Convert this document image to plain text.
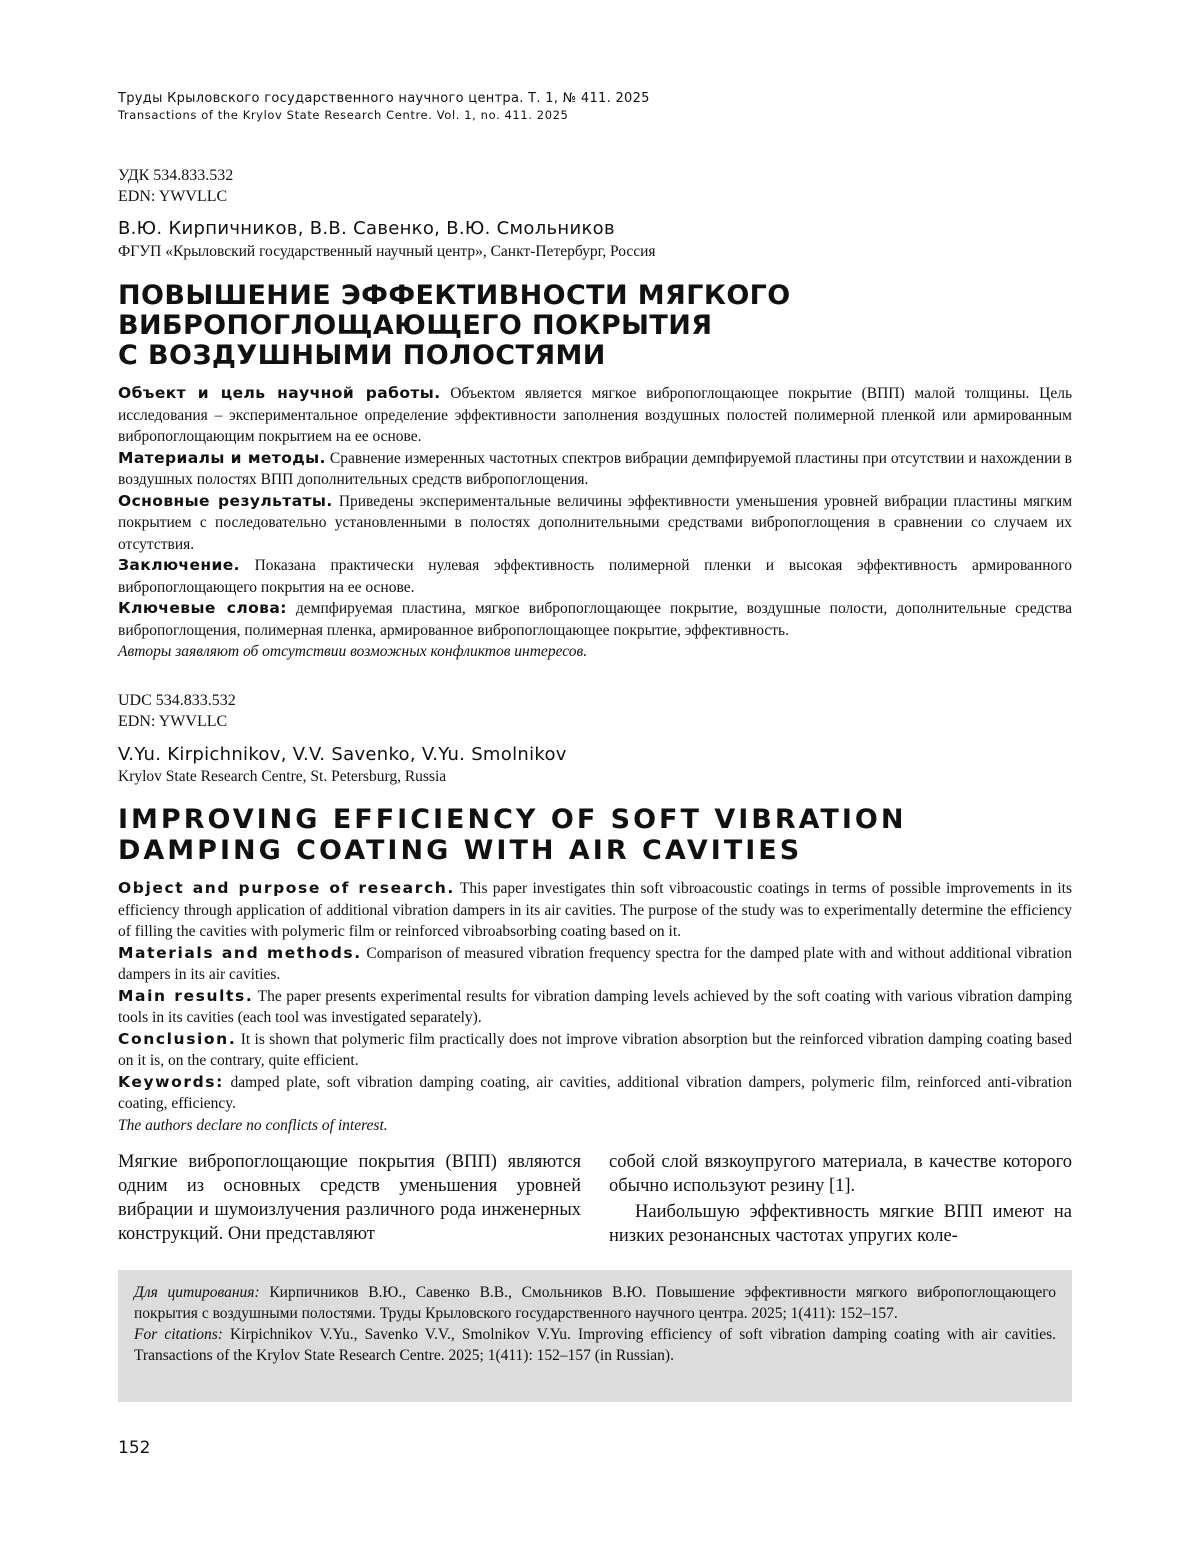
Труды Крыловского государственного научного центра. Т. 1, № 411. 2025
Transactions of the Krylov State Research Centre. Vol. 1, no. 411. 2025
УДК 534.833.532
EDN: YWVLLC
В.Ю. Кирпичников, В.В. Савенко, В.Ю. Смольников
ФГУП «Крыловский государственный научный центр», Санкт-Петербург, Россия
ПОВЫШЕНИЕ ЭФФЕКТИВНОСТИ МЯГКОГО
ВИБРОПОГЛОЩАЮЩЕГО ПОКРЫТИЯ
С ВОЗДУШНЫМИ ПОЛОСТЯМИ

Объект и цель научной работы. Объектом является мягкое вибропоглощающее покрытие (ВПП) малой толщины. Цель исследования – экспериментальное определение эффективности заполнения воздушных полостей полимерной пленкой или армированным вибропоглощающим покрытием на ее основе.

Материалы и методы. Сравнение измеренных частотных спектров вибрации демпфируемой пластины при отсутствии и нахождении в воздушных полостях ВПП дополнительных средств вибропоглощения.

Основные результаты. Приведены экспериментальные величины эффективности уменьшения уровней вибрации пластины мягким покрытием с последовательно установленными в полостях дополнительными средствами вибропоглощения в сравнении со случаем их отсутствия.

Заключение. Показана практически нулевая эффективность полимерной пленки и высокая эффективность армированного вибропоглощающего покрытия на ее основе.

Ключевые слова: демпфируемая пластина, мягкое вибропоглощающее покрытие, воздушные полости, дополнительные средства вибропоглощения, полимерная пленка, армированное вибропоглощающее покрытие, эффективность.

Авторы заявляют об отсутствии возможных конфликтов интересов.

UDC 534.833.532
EDN: YWVLLC
V.Yu. Kirpichnikov, V.V. Savenko, V.Yu. Smolnikov
Krylov State Research Centre, St. Petersburg, Russia
IMPROVING EFFICIENCY OF SOFT VIBRATION
DAMPING COATING WITH AIR CAVITIES

Object and purpose of research. This paper investigates thin soft vibroacoustic coatings in terms of possible improvements in its efficiency through application of additional vibration dampers in its air cavities. The purpose of the study was to experimentally determine the efficiency of filling the cavities with polymeric film or reinforced vibroabsorbing coating based on it.

Materials and methods. Comparison of measured vibration frequency spectra for the damped plate with and without additional vibration dampers in its air cavities.

Main results. The paper presents experimental results for vibration damping levels achieved by the soft coating with various vibration damping tools in its cavities (each tool was investigated separately).

Conclusion. It is shown that polymeric film practically does not improve vibration absorption but the reinforced vibration damping coating based on it is, on the contrary, quite efficient.

Keywords: damped plate, soft vibration damping coating, air cavities, additional vibration dampers, polymeric film, reinforced anti-vibration coating, efficiency.

The authors declare no conflicts of interest.

Мягкие вибропоглощающие покрытия (ВПП) являются одним из основных средств уменьшения уровней вибрации и шумоизлучения различного рода инженерных конструкций. Они представляют

собой слой вязкоупругого материала, в качестве которого обычно используют резину [1].

Наибольшую эффективность мягкие ВПП имеют на низких резонансных частотах упругих коле-

Для цитирования: Кирпичников В.Ю., Савенко В.В., Смольников В.Ю. Повышение эффективности мягкого вибропоглощающего покрытия с воздушными полостями. Труды Крыловского государственного научного центра. 2025; 1(411): 152–157.

For citations: Kirpichnikov V.Yu., Savenko V.V., Smolnikov V.Yu. Improving efficiency of soft vibration damping coating with air cavities. Transactions of the Krylov State Research Centre. 2025; 1(411): 152–157 (in Russian).

152
